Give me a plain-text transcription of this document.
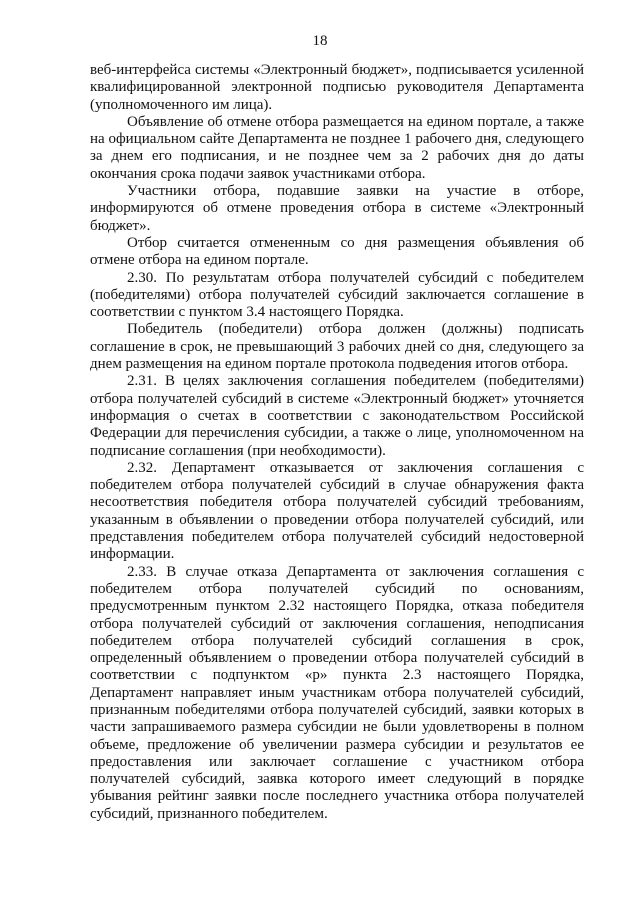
18

веб-интерфейса системы «Электронный бюджет», подписывается усиленной квалифицированной электронной подписью руководителя Департамента (уполномоченного им лица).

Объявление об отмене отбора размещается на едином портале, а также на официальном сайте Департамента не позднее 1 рабочего дня, следующего за днем его подписания, и не позднее чем за 2 рабочих дня до даты окончания срока подачи заявок участниками отбора.

Участники отбора, подавшие заявки на участие в отборе, информируются об отмене проведения отбора в системе «Электронный бюджет».

Отбор считается отмененным со дня размещения объявления об отмене отбора на едином портале.

2.30. По результатам отбора получателей субсидий с победителем (победителями) отбора получателей субсидий заключается соглашение в соответствии с пунктом 3.4 настоящего Порядка.

Победитель (победители) отбора должен (должны) подписать соглашение в срок, не превышающий 3 рабочих дней со дня, следующего за днем размещения на едином портале протокола подведения итогов отбора.

2.31. В целях заключения соглашения победителем (победителями) отбора получателей субсидий в системе «Электронный бюджет» уточняется информация о счетах в соответствии с законодательством Российской Федерации для перечисления субсидии, а также о лице, уполномоченном на подписание соглашения (при необходимости).

2.32. Департамент отказывается от заключения соглашения с победителем отбора получателей субсидий в случае обнаружения факта несоответствия победителя отбора получателей субсидий требованиям, указанным в объявлении о проведении отбора получателей субсидий, или представления победителем отбора получателей субсидий недостоверной информации.

2.33. В случае отказа Департамента от заключения соглашения с победителем отбора получателей субсидий по основаниям, предусмотренным пунктом 2.32 настоящего Порядка, отказа победителя отбора получателей субсидий от заключения соглашения, неподписания победителем отбора получателей субсидий соглашения в срок, определенный объявлением о проведении отбора получателей субсидий в соответствии с подпунктом «р» пункта 2.3 настоящего Порядка, Департамент направляет иным участникам отбора получателей субсидий, признанным победителями отбора получателей субсидий, заявки которых в части запрашиваемого размера субсидии не были удовлетворены в полном объеме, предложение об увеличении размера субсидии и результатов ее предоставления или заключает соглашение с участником отбора получателей субсидий, заявка которого имеет следующий в порядке убывания рейтинг заявки после последнего участника отбора получателей субсидий, признанного победителем.
